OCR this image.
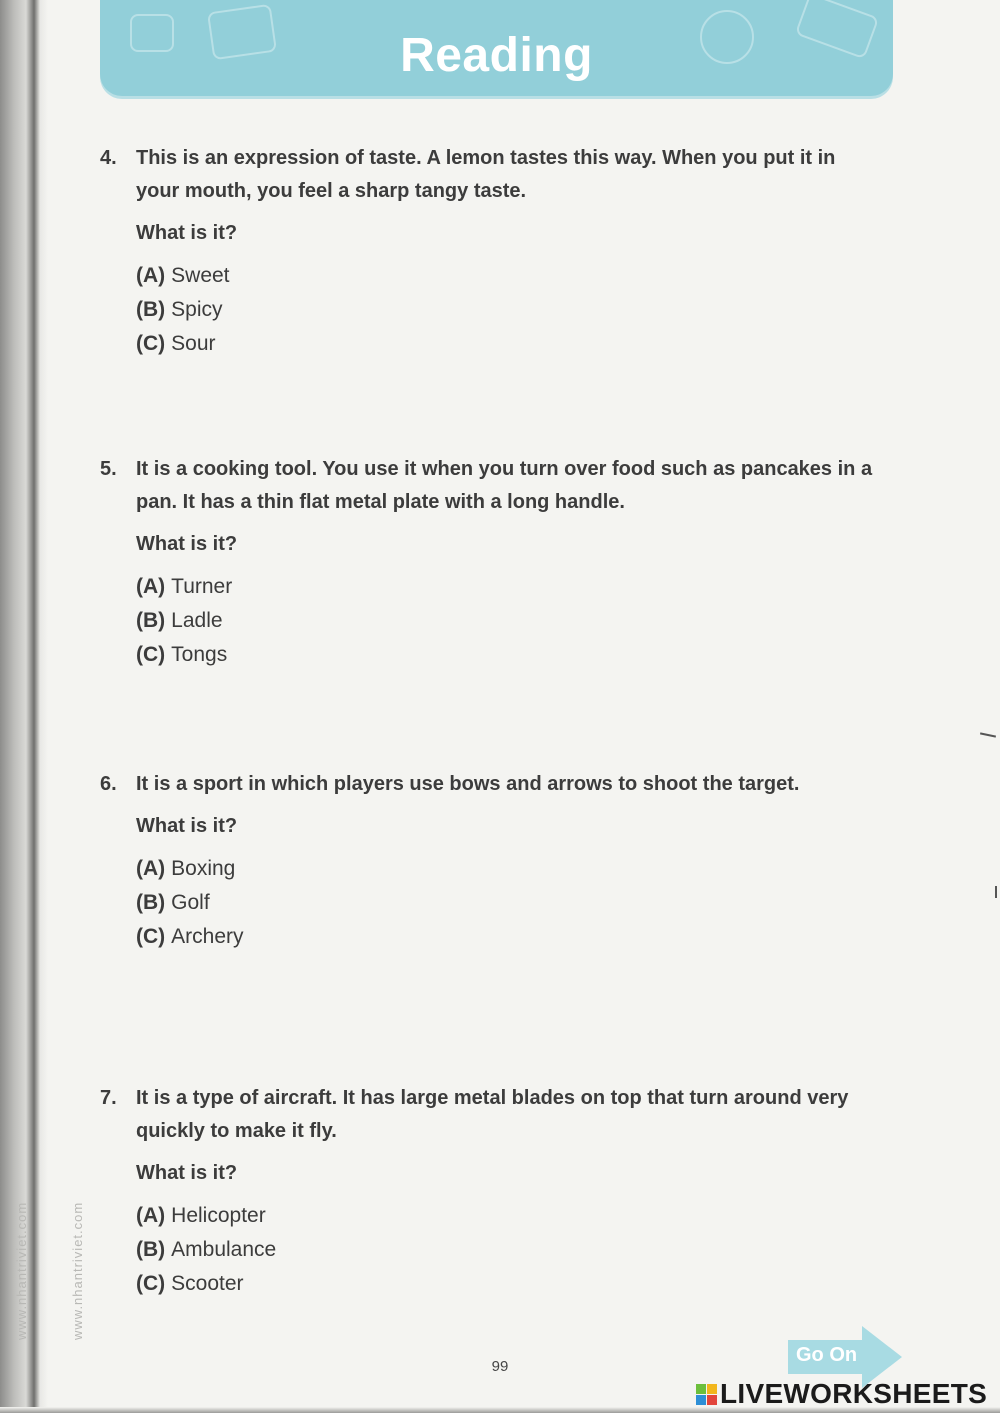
Reading
4. This is an expression of taste. A lemon tastes this way. When you put it in your mouth, you feel a sharp tangy taste.
What is it?
(A) Sweet
(B) Spicy
(C) Sour
5. It is a cooking tool. You use it when you turn over food such as pancakes in a pan. It has a thin flat metal plate with a long handle.
What is it?
(A) Turner
(B) Ladle
(C) Tongs
6. It is a sport in which players use bows and arrows to shoot the target.
What is it?
(A) Boxing
(B) Golf
(C) Archery
7. It is a type of aircraft. It has large metal blades on top that turn around very quickly to make it fly.
What is it?
(A) Helicopter
(B) Ambulance
(C) Scooter
www.nhantriviet.com	www.nhantriviet.com
99
Go On
LIVEWORKSHEETS
